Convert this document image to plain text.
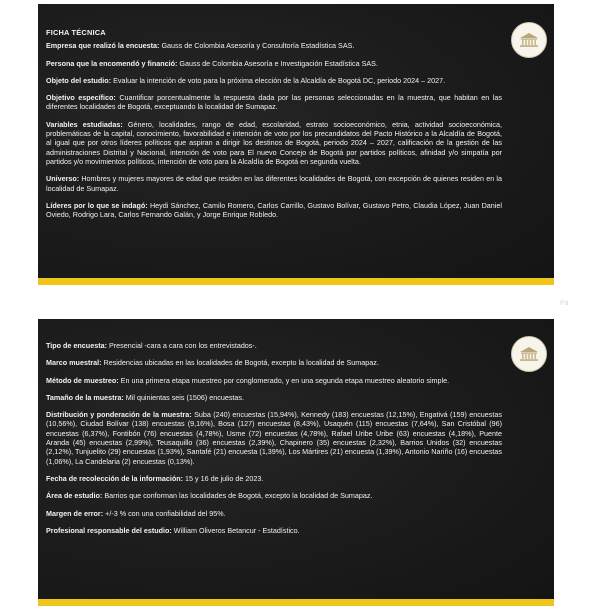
FICHA TÉCNICA

Empresa que realizó la encuesta: Gauss de Colombia Asesoría y Consultoría Estadística SAS.

Persona que la encomendó y financió: Gauss de Colombia Asesoría e Investigación Estadística SAS.

Objeto del estudio: Evaluar la intención de voto para la próxima elección de la Alcaldía de Bogotá DC, periodo 2024 – 2027.

Objetivo específico: Cuantificar porcentualmente la respuesta dada por las personas seleccionadas en la muestra, que habitan en las diferentes localidades de Bogotá, exceptuando la localidad de Sumapaz.

Variables estudiadas: Género, localidades, rango de edad, escolaridad, estrato socioeconómico, etnia, actividad socioeconómica, problemáticas de la capital, conocimiento, favorabilidad e intención de voto por los precandidatos del Pacto Histórico a la Alcaldía de Bogotá, al igual que por otros líderes políticos que aspiran a dirigir los destinos de Bogotá, periodo 2024 – 2027, calificación de la gestión de las administraciones Distrital y Nacional, intención de voto para El nuevo Concejo de Bogotá por partidos políticos, afinidad y/o simpatía por partidos y/o movimientos políticos, intención de voto para la Alcaldía de Bogotá en segunda vuelta.

Universo: Hombres y mujeres mayores de edad que residen en las diferentes localidades de Bogotá, con excepción de quienes residen en la localidad de Sumapaz.

Líderes por lo que se indagó: Heydi Sánchez, Camilo Romero, Carlos Carrillo, Gustavo Bolívar, Gustavo Petro, Claudia López, Juan Daniel Oviedo, Rodrigo Lara, Carlos Fernando Galán, y Jorge Enrique Robledo.

Pá

Tipo de encuesta: Presencial -cara a cara con los entrevistados-.

Marco muestral: Residencias ubicadas en las localidades de Bogotá, excepto la localidad de Sumapaz.

Método de muestreo: En una primera etapa muestreo por conglomerado, y en una segunda etapa muestreo aleatorio simple.

Tamaño de la muestra: Mil quinientas seis (1506) encuestas.

Distribución y ponderación de la muestra: Suba (240) encuestas (15,94%), Kennedy (183) encuestas (12,15%), Engativá (159) encuestas (10,56%), Ciudad Bolívar (138) encuestas (9,16%), Bosa (127) encuestas (8,43%), Usaquén (115) encuestas (7,64%), San Cristóbal (96) encuestas (6,37%), Fontibón (76) encuestas (4,78%), Usme (72) encuestas (4,78%), Rafael Uribe Uribe (63) encuestas (4,18%), Puente Aranda (45) encuestas (2,99%), Teusaquillo (36) encuestas (2,39%), Chapinero (35) encuestas (2,32%), Barrios Unidos (32) encuestas (2,12%), Tunjuelito (29) encuestas (1,93%), Santafé (21) encuesta (1,39%), Los Mártires (21) encuesta (1,39%), Antonio Nariño (16) encuestas (1,06%), La Candelaria (2) encuestas (0,13%).

Fecha de recolección de la información: 15 y 16 de julio de 2023.

Área de estudio: Barrios que conforman las localidades de Bogotá, excepto la localidad de Sumapaz.

Margen de error: +/-3 % con una confiabilidad del 95%.

Profesional responsable del estudio: William Oliveros Betancur - Estadístico.
